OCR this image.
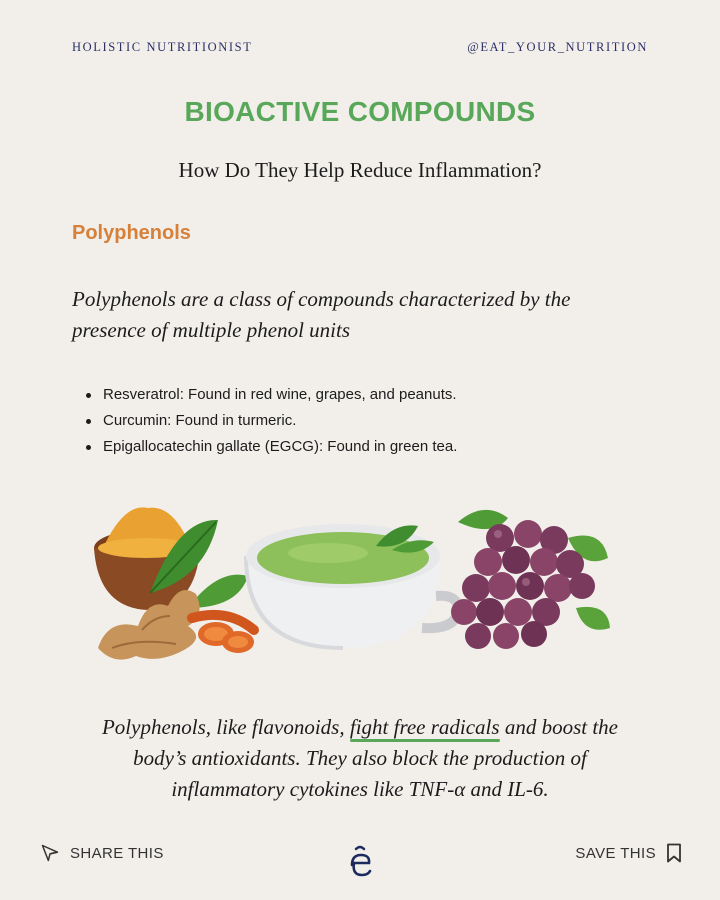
HOLISTIC NUTRITIONIST	@EAT_YOUR_NUTRITION
BIOACTIVE COMPOUNDS
How Do They Help Reduce Inflammation?
Polyphenols
Polyphenols are a class of compounds characterized by the
presence of multiple phenol units
Resveratrol: Found in red wine, grapes, and peanuts.
Curcumin: Found in turmeric.
Epigallocatechin gallate (EGCG): Found in green tea.
Polyphenols, like flavonoids, fight free radicals
and boost the
body’s antioxidants. They also block the production of
inflammatory cytokines like TNF-α and IL-6.
SHARE THIS	SAVE THIS
